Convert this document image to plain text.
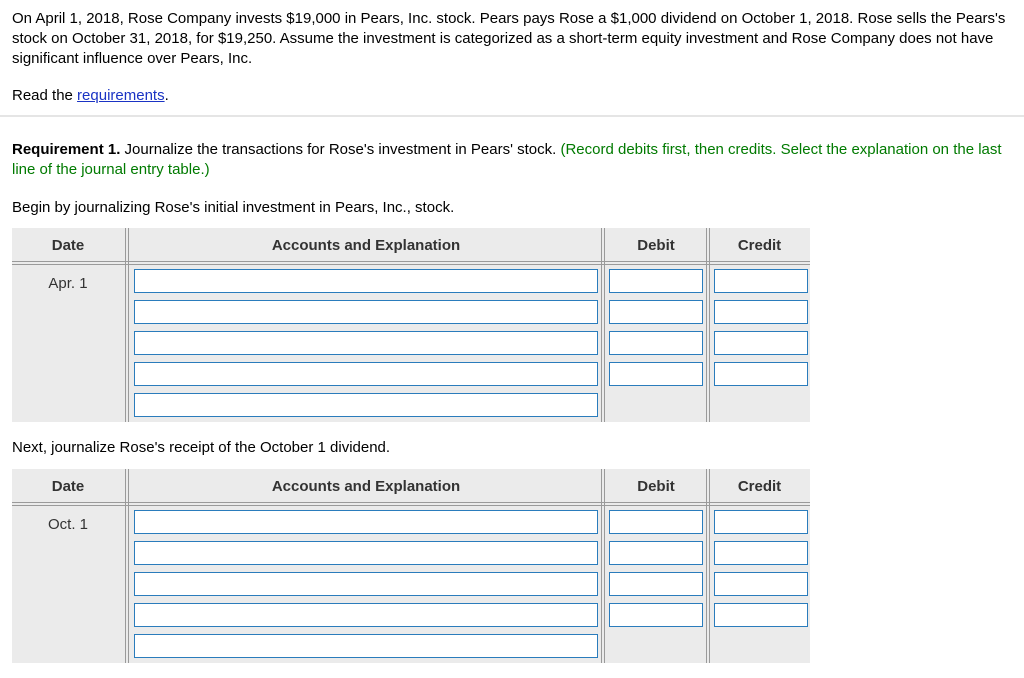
On April 1, 2018, Rose Company invests $19,000 in Pears, Inc. stock. Pears pays Rose a $1,000 dividend on October 1, 2018. Rose sells the Pears's stock on October 31, 2018, for $19,250. Assume the investment is categorized as a short-term equity investment and Rose Company does not have significant influence over Pears, Inc.

Read the requirements.

Requirement 1. Journalize the transactions for Rose's investment in Pears' stock. (Record debits first, then credits. Select the explanation on the last line of the journal entry table.)

Begin by journalizing Rose's initial investment in Pears, Inc., stock.

Date	Accounts and Explanation	Debit	Credit
Apr. 1

Next, journalize Rose's receipt of the October 1 dividend.

Date	Accounts and Explanation	Debit	Credit
Oct. 1
